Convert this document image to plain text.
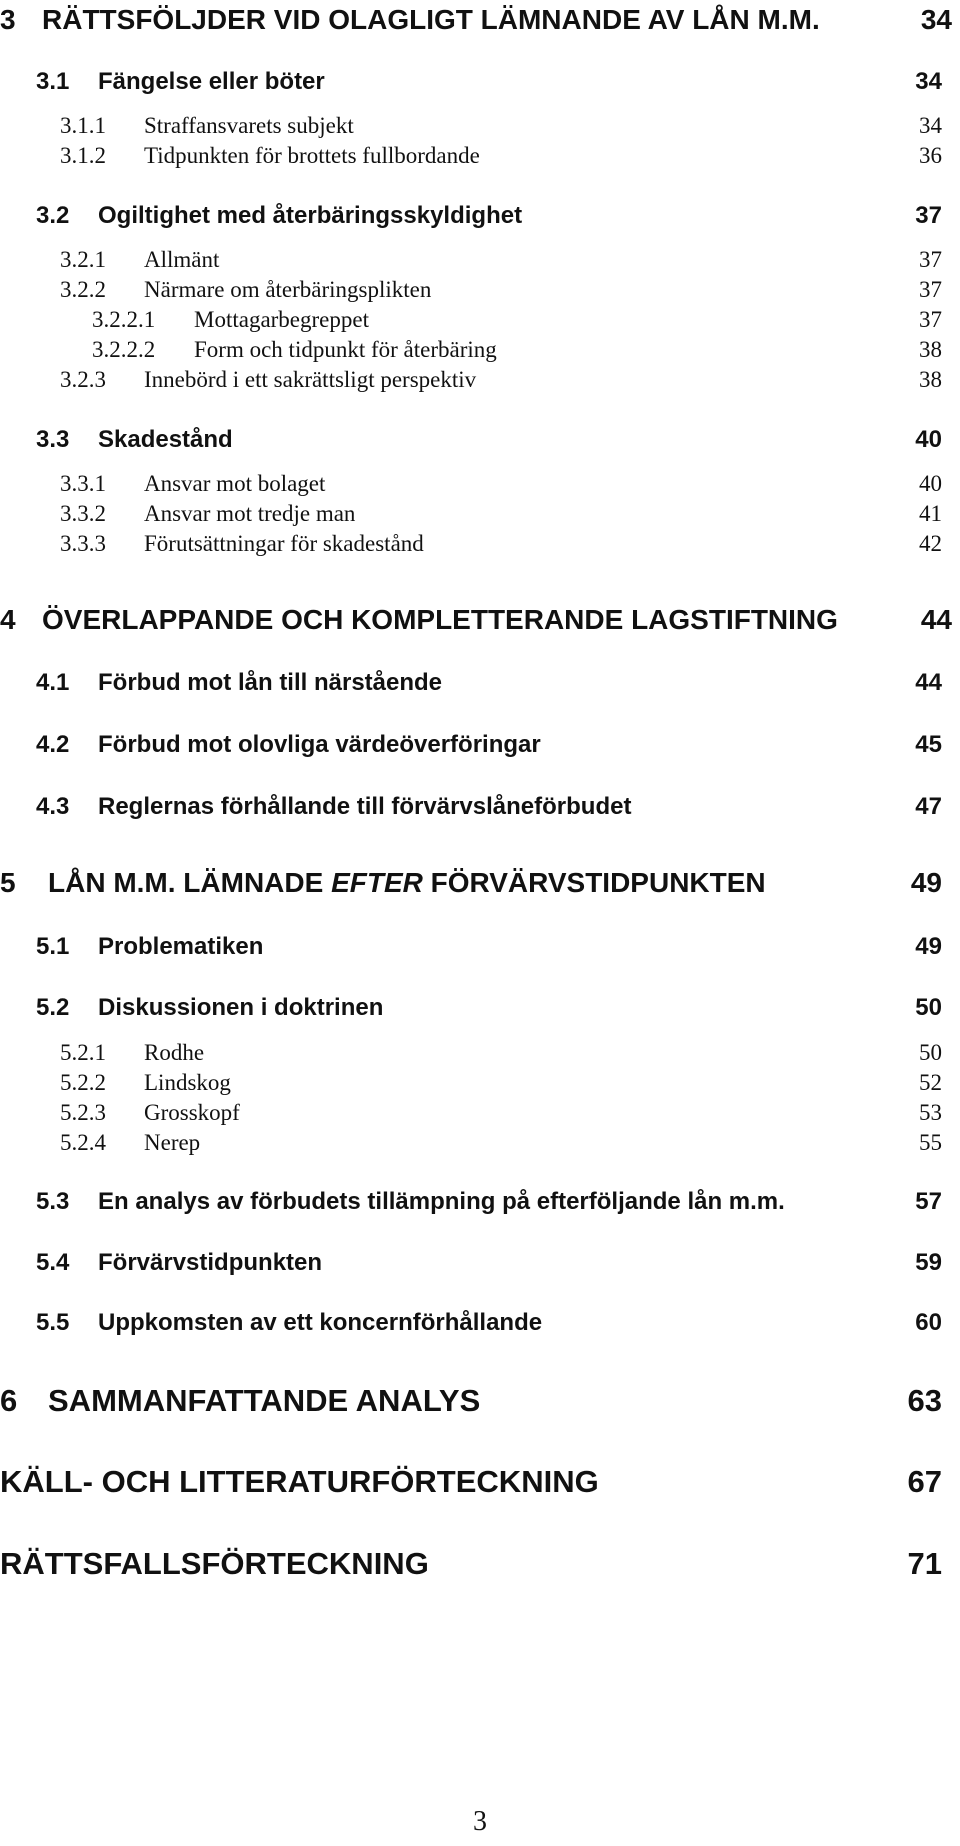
3 RÄTTSFÖLJDER VID OLAGLIGT LÄMNANDE AV LÅN M.M.	34
3.1 Fängelse eller böter	34
3.1.1 Straffansvarets subjekt	34
3.1.2 Tidpunkten för brottets fullbordande	36
3.2 Ogiltighet med återbäringsskyldighet	37
3.2.1 Allmänt	37
3.2.2 Närmare om återbäringsplikten	37
3.2.2.1 Mottagarbegreppet	37
3.2.2.2 Form och tidpunkt för återbäring	38
3.2.3 Innebörd i ett sakrättsligt perspektiv	38
3.3 Skadestånd	40
3.3.1 Ansvar mot bolaget	40
3.3.2 Ansvar mot tredje man	41
3.3.3 Förutsättningar för skadestånd	42
4 ÖVERLAPPANDE OCH KOMPLETTERANDE LAGSTIFTNING	44
4.1 Förbud mot lån till närstående	44
4.2 Förbud mot olovliga värdeöverföringar	45
4.3 Reglernas förhållande till förvärvslåneförbudet	47
5 LÅN M.M. LÄMNADE EFTER FÖRVÄRVSTIDPUNKTEN	49
5.1 Problematiken	49
5.2 Diskussionen i doktrinen	50
5.2.1 Rodhe	50
5.2.2 Lindskog	52
5.2.3 Grosskopf	53
5.2.4 Nerep	55
5.3 En analys av förbudets tillämpning på efterföljande lån m.m.	57
5.4 Förvärvstidpunkten	59
5.5 Uppkomsten av ett koncernförhållande	60
6 SAMMANFATTANDE ANALYS	63
KÄLL- OCH LITTERATURFÖRTECKNING	67
RÄTTSFALLSFÖRTECKNING	71
3
